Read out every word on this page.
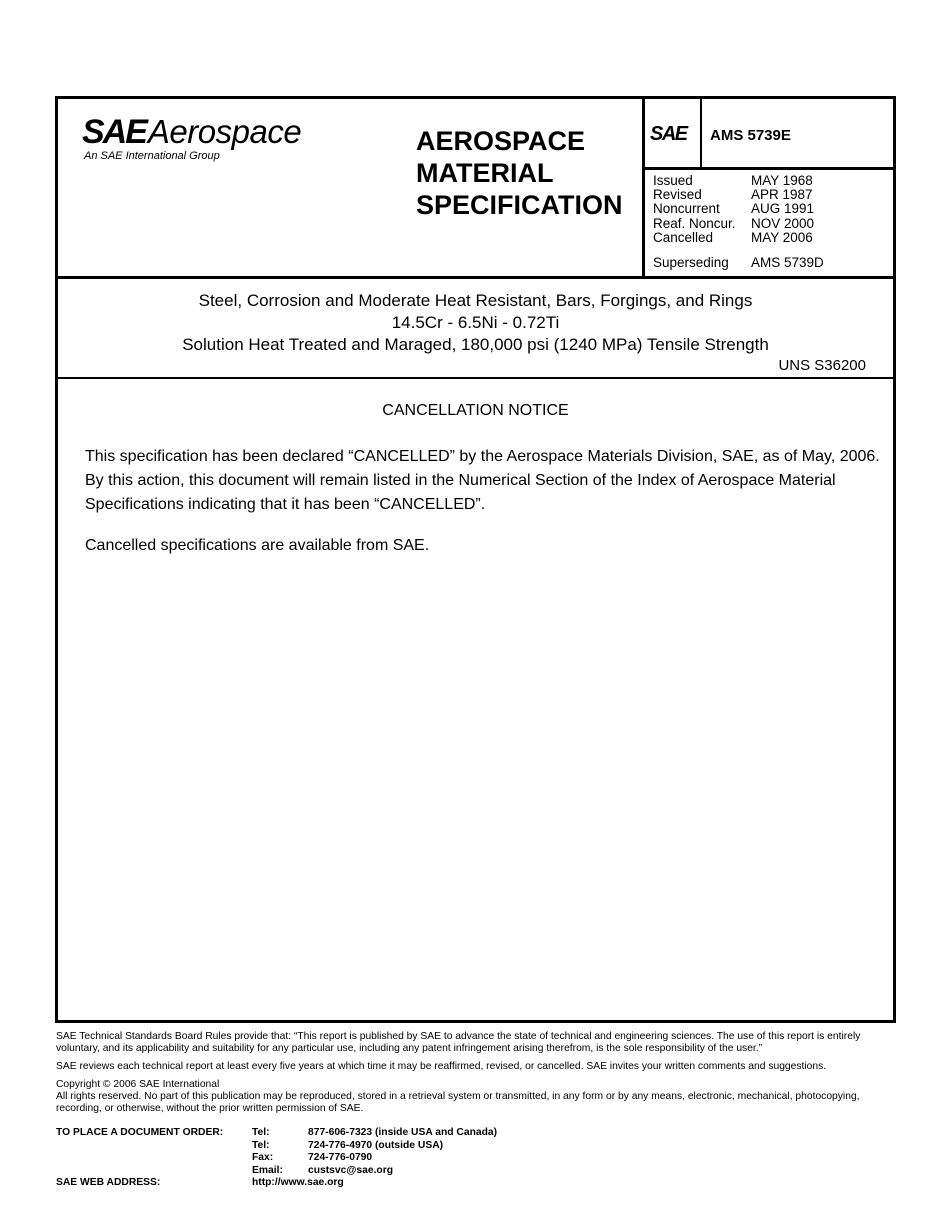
SAE Aerospace
An SAE International Group	AEROSPACE
MATERIAL
SPECIFICATION
SAE AMS 5739E
Issued	MAY 1968
Revised	APR 1987
Noncurrent	AUG 1991
Reaf. Noncur.	NOV 2000
Cancelled	MAY 2006
Superseding	AMS 5739D
Steel, Corrosion and Moderate Heat Resistant, Bars, Forgings, and Rings
14.5Cr - 6.5Ni - 0.72Ti
Solution Heat Treated and Maraged, 180,000 psi (1240 MPa) Tensile Strength
UNS S36200
CANCELLATION NOTICE
This specification has been declared “CANCELLED” by the Aerospace Materials Division, SAE, as of May, 2006. By this action, this document will remain listed in the Numerical Section of the Index of Aerospace Material Specifications indicating that it has been “CANCELLED”.
Cancelled specifications are available from SAE.
SAE Technical Standards Board Rules provide that: “This report is published by SAE to advance the state of technical and engineering sciences. The use of this report is entirely voluntary, and its applicability and suitability for any particular use, including any patent infringement arising therefrom, is the sole responsibility of the user.”
SAE reviews each technical report at least every five years at which time it may be reaffirmed, revised, or cancelled. SAE invites your written comments and suggestions.
Copyright © 2006 SAE International
All rights reserved. No part of this publication may be reproduced, stored in a retrieval system or transmitted, in any form or by any means, electronic, mechanical, photocopying, recording, or otherwise, without the prior written permission of SAE.
TO PLACE A DOCUMENT ORDER:	Tel:	877-606-7323 (inside USA and Canada)
Tel:	724-776-4970 (outside USA)
Fax:	724-776-0790
Email:	custsvc@sae.org
SAE WEB ADDRESS:	http://www.sae.org
